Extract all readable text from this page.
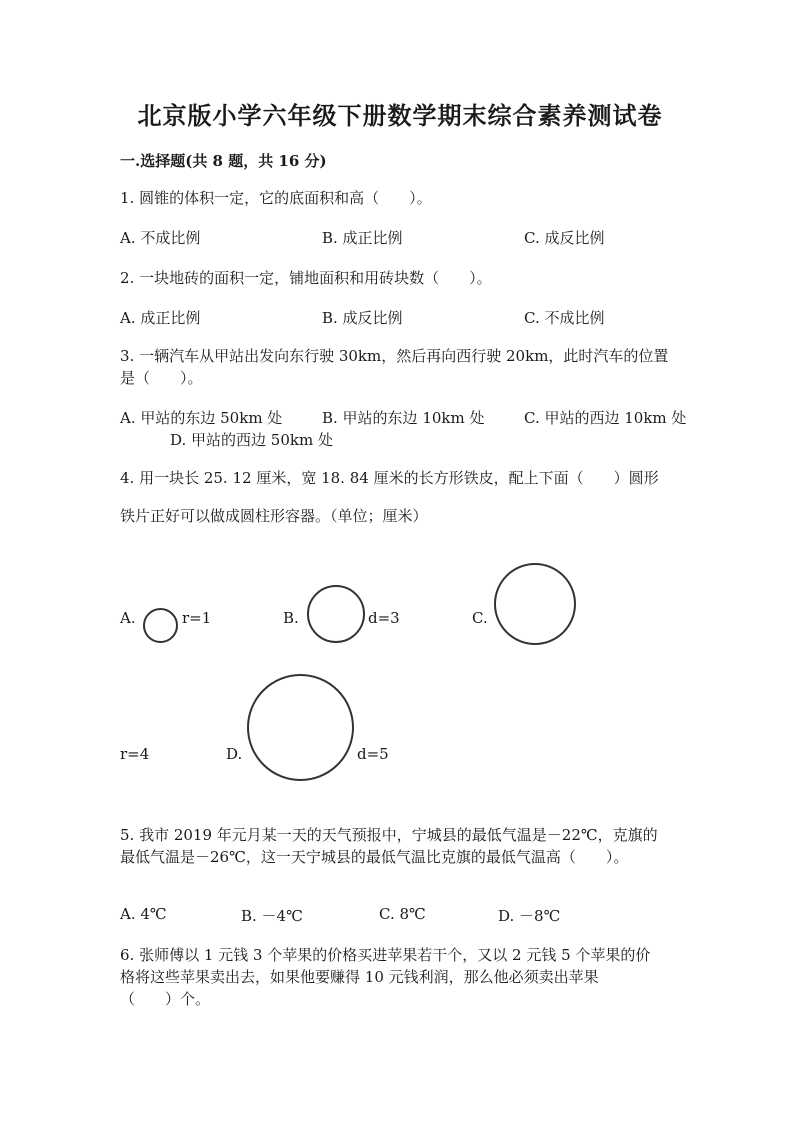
北京版小学六年级下册数学期末综合素养测试卷
一.选择题(共 8 题，共 16 分)
1. 圆锥的体积一定，它的底面积和高（　　）。
A. 不成比例	B. 成正比例	C. 成反比例
2. 一块地砖的面积一定，铺地面积和用砖块数（　　）。
A. 成正比例	B. 成反比例	C. 不成比例
3. 一辆汽车从甲站出发向东行驶 30km，然后再向西行驶 20km，此时汽车的位置
是（　　）。
A. 甲站的东边 50km 处	B. 甲站的东边 10km 处	C. 甲站的西边 10km 处
D. 甲站的西边 50km 处
4. 用一块长 25. 12 厘米，宽 18. 84 厘米的长方形铁皮，配上下面（　　）圆形
铁片正好可以做成圆柱形容器。（单位；厘米）
A.	r=1	B.	d=3	C.
r=4	D.	d=5
5. 我市 2019 年元月某一天的天气预报中，宁城县的最低气温是－22℃，克旗的
最低气温是－26℃，这一天宁城县的最低气温比克旗的最低气温高（　　）。
A. 4℃	B. －4℃	C. 8℃	D. －8℃
6. 张师傅以 1 元钱 3 个苹果的价格买进苹果若干个，又以 2 元钱 5 个苹果的价
格将这些苹果卖出去，如果他要赚得 10 元钱利润，那么他必须卖出苹果
（　　）个。
